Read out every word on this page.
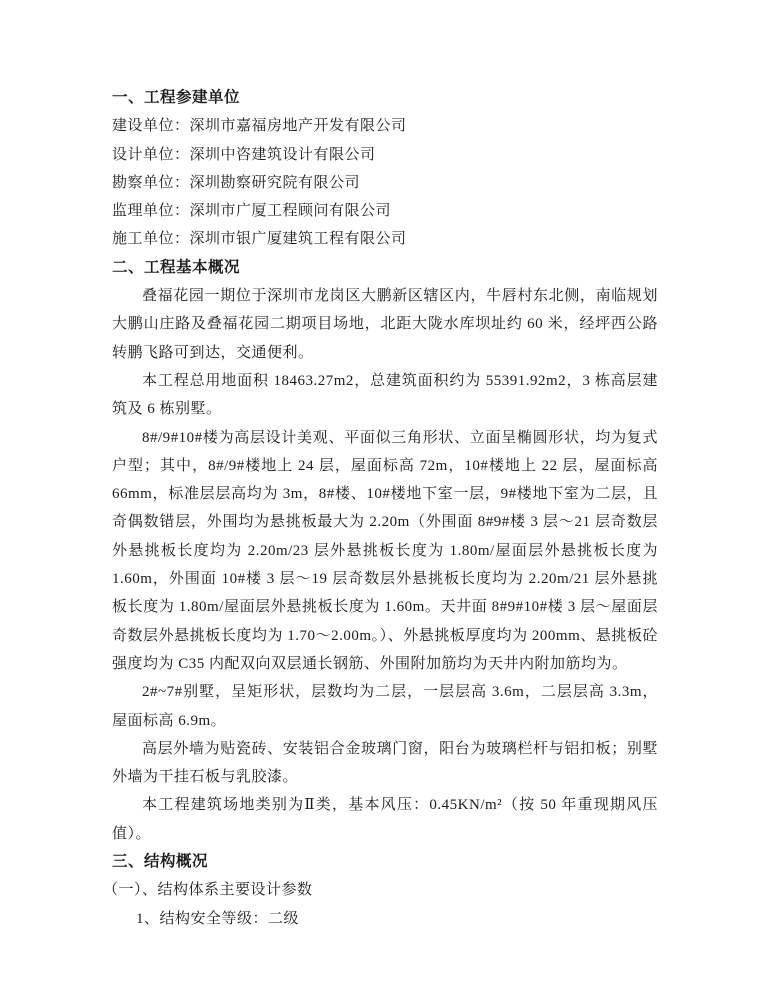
一、工程参建单位

建设单位：深圳市嘉福房地产开发有限公司

设计单位：深圳中咨建筑设计有限公司

勘察单位：深圳勘察研究院有限公司

监理单位：深圳市广厦工程顾问有限公司

施工单位：深圳市银广厦建筑工程有限公司

二、工程基本概况

叠福花园一期位于深圳市龙岗区大鹏新区辖区内，牛唇村东北侧，南临规划大鹏山庄路及叠福花园二期项目场地，北距大陇水库坝址约 60 米，经坪西公路转鹏飞路可到达，交通便利。

本工程总用地面积 18463.27m2，总建筑面积约为 55391.92m2，3 栋高层建筑及 6 栋别墅。

8#/9#10#楼为高层设计美观、平面似三角形状、立面呈椭圆形状，均为复式户型；其中，8#/9#楼地上 24 层，屋面标高 72m，10#楼地上 22 层，屋面标高 66mm，标准层层高均为 3m，8#楼、10#楼地下室一层，9#楼地下室为二层，且奇偶数错层，外围均为悬挑板最大为 2.20m（外围面 8#9#楼 3 层～21 层奇数层外悬挑板长度均为 2.20m/23 层外悬挑板长度为 1.80m/屋面层外悬挑板长度为 1.60m，外围面 10#楼 3 层～19 层奇数层外悬挑板长度均为 2.20m/21 层外悬挑板长度为 1.80m/屋面层外悬挑板长度为 1.60m。天井面 8#9#10#楼 3 层～屋面层奇数层外悬挑板长度均为 1.70～2.00m。）、外悬挑板厚度均为 200mm、悬挑板砼强度均为 C35 内配双向双层通长钢筋、外围附加筋均为天井内附加筋均为。

2#~7#别墅，呈矩形状，层数均为二层，一层层高 3.6m，二层层高 3.3m，屋面标高 6.9m。

高层外墙为贴瓷砖、安装铝合金玻璃门窗，阳台为玻璃栏杆与铝扣板；别墅外墙为干挂石板与乳胶漆。

本工程建筑场地类别为Ⅱ类，基本风压：0.45KN/m²（按 50 年重现期风压值）。

三、结构概况

（一）、结构体系主要设计参数

1、结构安全等级：二级
